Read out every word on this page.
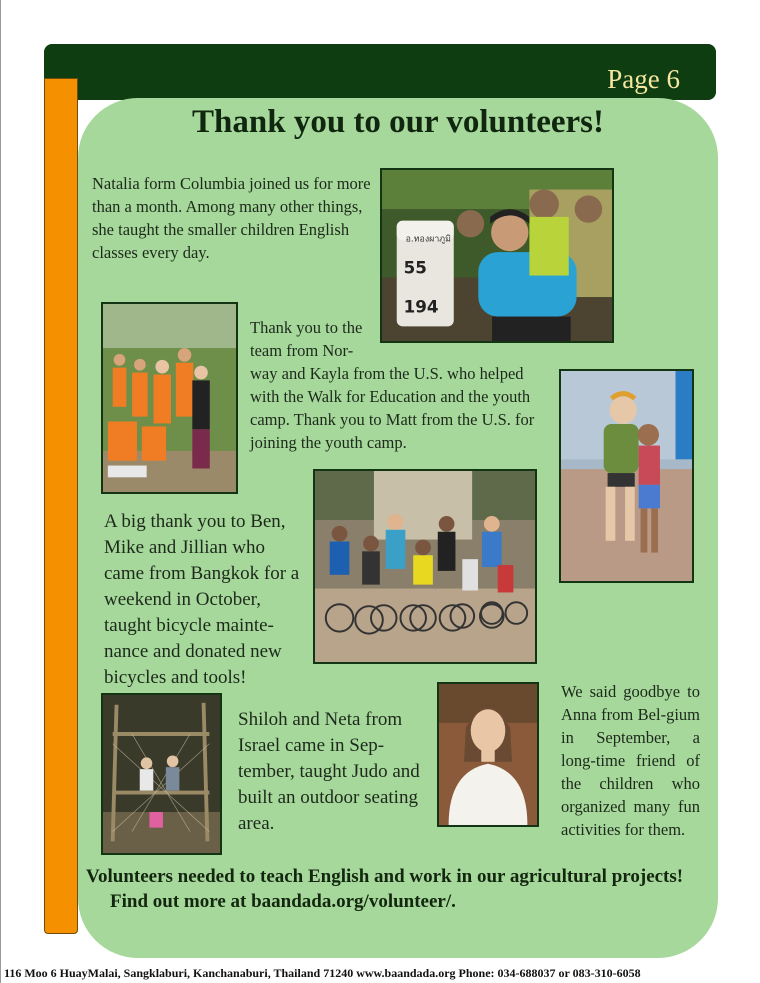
Page 6
Thank you to our volunteers!
Natalia form Columbia joined us for more than a month. Among many other things, she taught the smaller children English classes every day.
อ.ทองผาภูมิ
55
194
Thank you to the
team from Nor-
way and Kayla from the U.S. who helped with the Walk for Education and the youth camp. Thank you to Matt from the U.S. for joining the youth camp.
A big thank you to Ben, Mike and Jillian who came from Bangkok for a weekend in October, taught bicycle mainte-nance and donated new bicycles and tools!
Shiloh and Neta from Israel came in Sep-tember, taught Judo and built an outdoor seating area.
We said goodbye to Anna from Bel-gium in September, a long-time friend of the children who organized many fun activities for them.
Volunteers needed to teach English and work in our agricultural projects!
Find out more at baandada.org/volunteer/.
116 Moo 6 HuayMalai, Sangklaburi, Kanchanaburi, Thailand 71240 www.baandada.org Phone: 034-688037 or 083-310-6058
